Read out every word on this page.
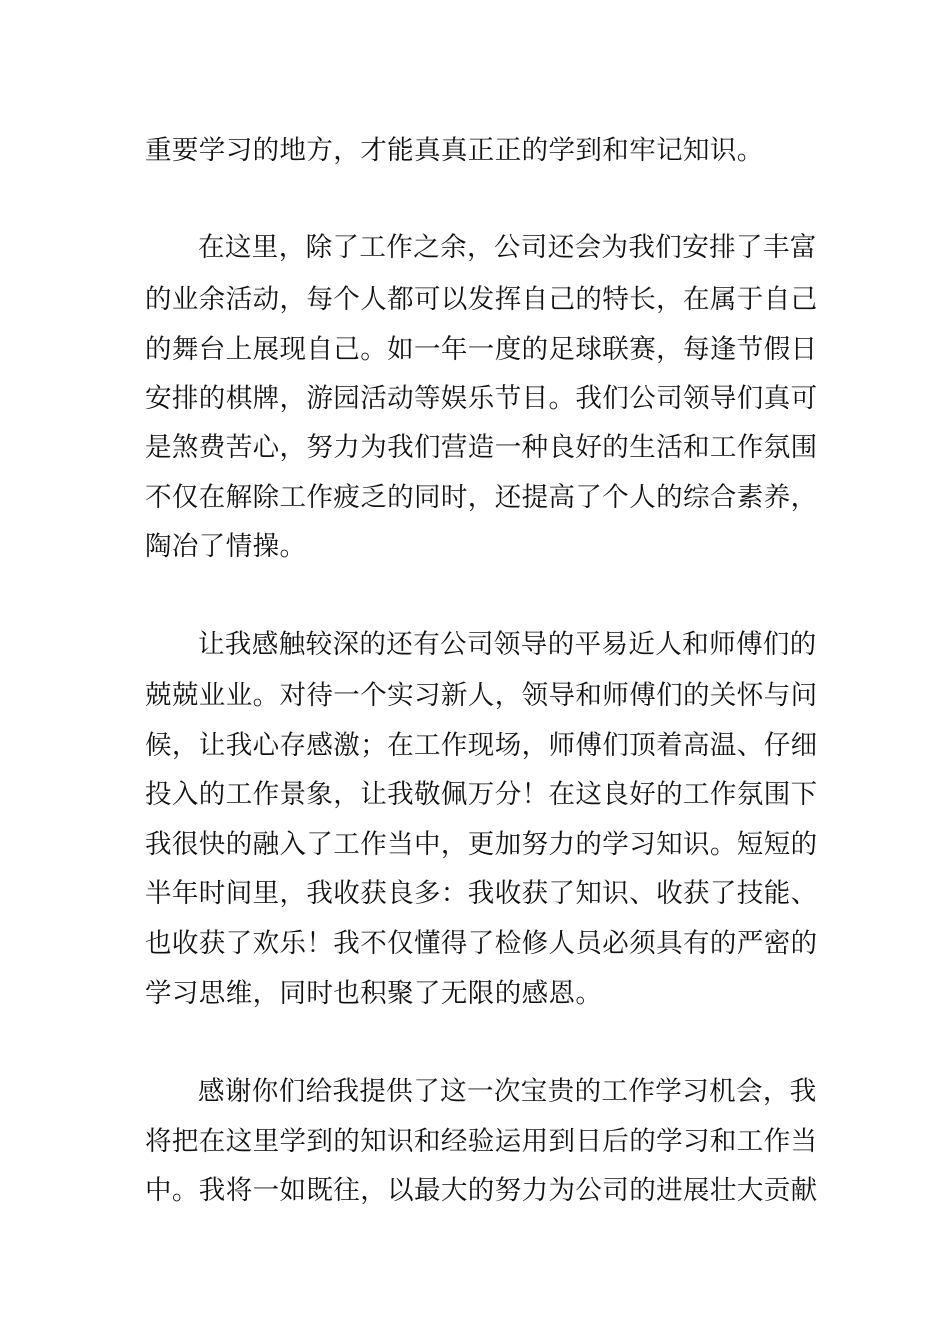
重要学习的地方，才能真真正正的学到和牢记知识。
在这里，除了工作之余，公司还会为我们安排了丰富
的业余活动，每个人都可以发挥自己的特长，在属于自己
的舞台上展现自己。如一年一度的足球联赛，每逢节假日
安排的棋牌，游园活动等娱乐节目。我们公司领导们真可
是煞费苦心，努力为我们营造一种良好的生活和工作氛围
不仅在解除工作疲乏的同时，还提高了个人的综合素养，
陶冶了情操。
让我感触较深的还有公司领导的平易近人和师傅们的
兢兢业业。对待一个实习新人，领导和师傅们的关怀与问
候，让我心存感激；在工作现场，师傅们顶着高温、仔细
投入的工作景象，让我敬佩万分！在这良好的工作氛围下
我很快的融入了工作当中，更加努力的学习知识。短短的
半年时间里，我收获良多：我收获了知识、收获了技能、
也收获了欢乐！我不仅懂得了检修人员必须具有的严密的
学习思维，同时也积聚了无限的感恩。
感谢你们给我提供了这一次宝贵的工作学习机会，我
将把在这里学到的知识和经验运用到日后的学习和工作当
中。我将一如既往，以最大的努力为公司的进展壮大贡献
